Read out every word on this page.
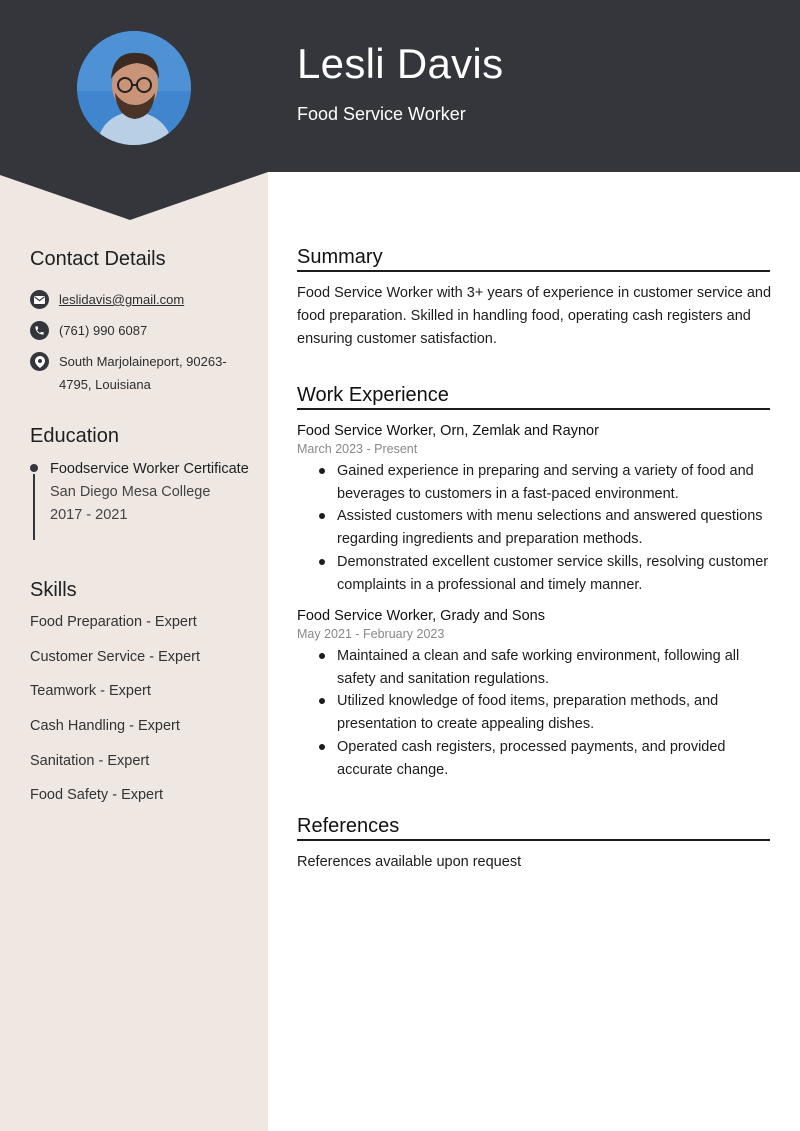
Lesli Davis
Food Service Worker
Contact Details
leslidavis@gmail.com
(761) 990 6087
South Marjolaineport, 90263-4795, Louisiana
Education
Foodservice Worker Certificate
San Diego Mesa College
2017 - 2021
Skills
Food Preparation - Expert
Customer Service - Expert
Teamwork - Expert
Cash Handling - Expert
Sanitation - Expert
Food Safety - Expert
Summary
Food Service Worker with 3+ years of experience in customer service and food preparation. Skilled in handling food, operating cash registers and ensuring customer satisfaction.
Work Experience
Food Service Worker, Orn, Zemlak and Raynor
March 2023 - Present
Gained experience in preparing and serving a variety of food and beverages to customers in a fast-paced environment.
Assisted customers with menu selections and answered questions regarding ingredients and preparation methods.
Demonstrated excellent customer service skills, resolving customer complaints in a professional and timely manner.
Food Service Worker, Grady and Sons
May 2021 - February 2023
Maintained a clean and safe working environment, following all safety and sanitation regulations.
Utilized knowledge of food items, preparation methods, and presentation to create appealing dishes.
Operated cash registers, processed payments, and provided accurate change.
References
References available upon request
